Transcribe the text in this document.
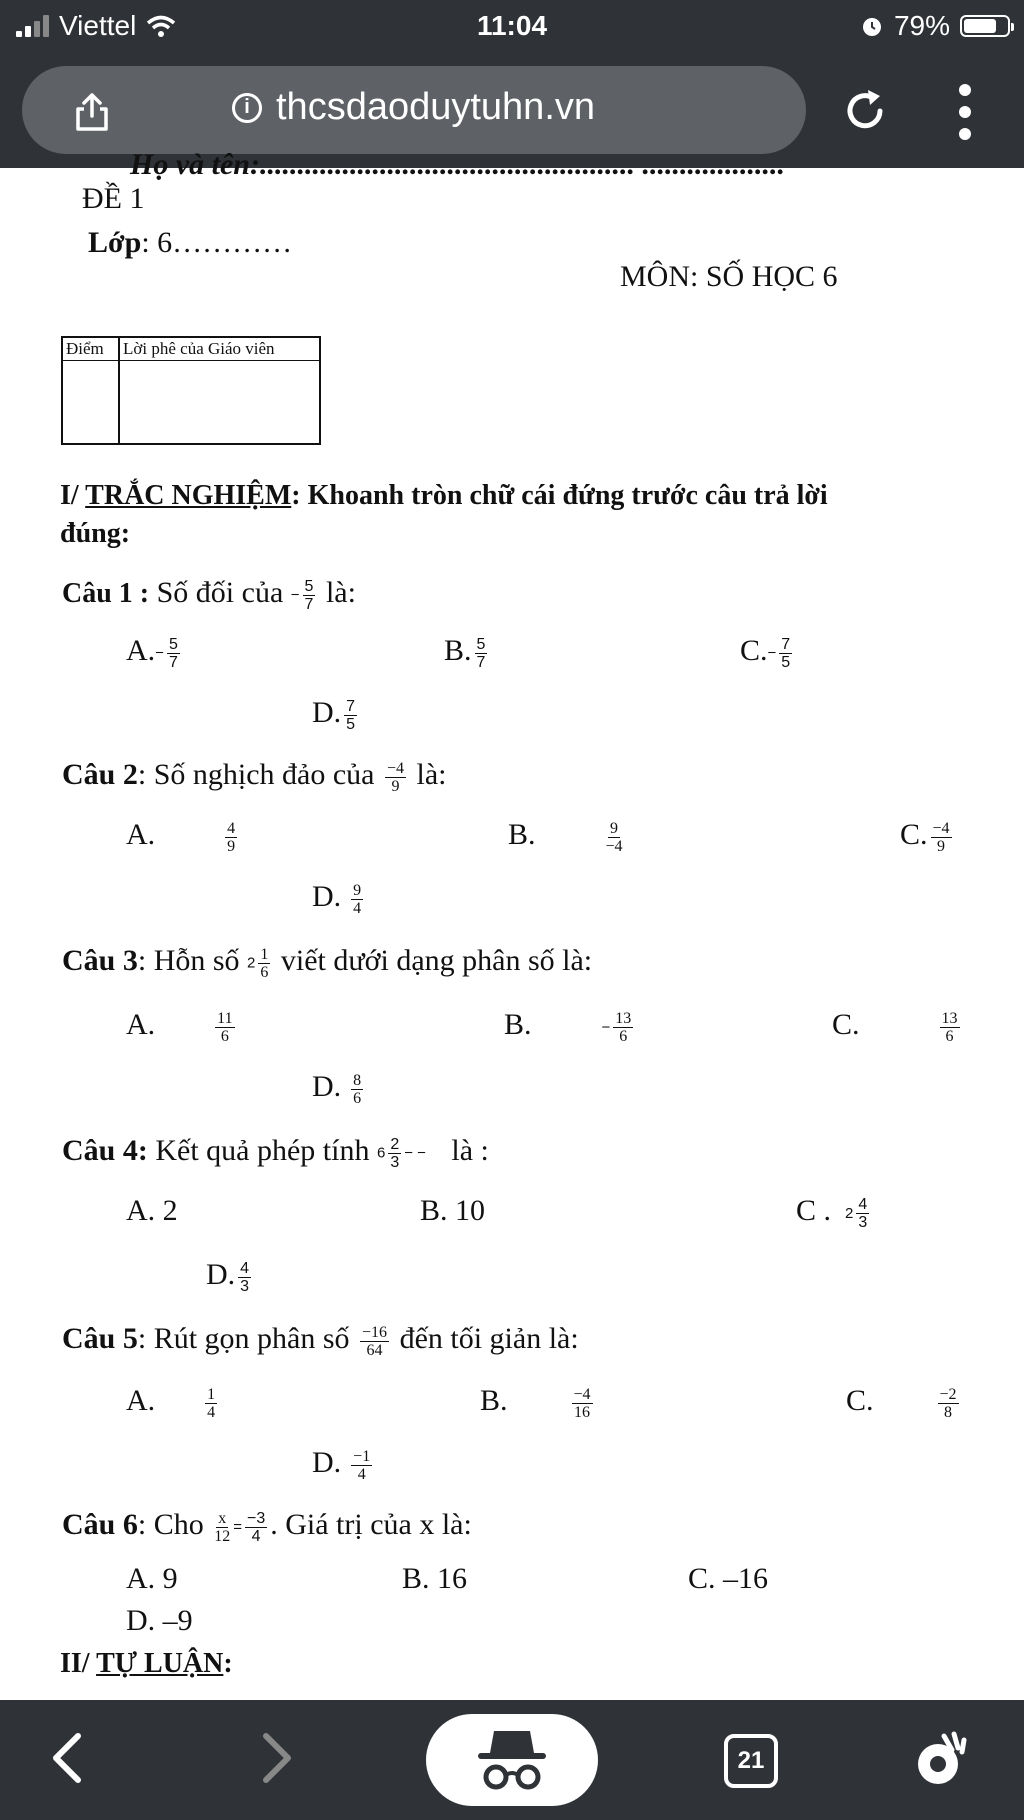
Viettel	11:04	79%
i thcsdaoduytuhn.vn
Họ và tên:.................................................. ...................
ĐỀ 1
Lớp: 6…………
MÔN: SỐ HỌC 6
Điểm Lời phê của Giáo viên
I/ TRẮC NGHIỆM: Khoanh tròn chữ cái đứng trước câu trả lời
đúng:
Câu 1 : Số đối của − $\frac{5}{7}$ là:
$A.- \frac{5}{7}$	B. $\frac{5}{7}$	$C.- \frac{7}{5}$
D. $\frac{7}{5}$
Câu 2: Số nghịch đảo của $\frac{-4}{9}$ là:
A.	$\frac{4}{9}$	B.	$\frac{9}{-4}$	C. $\frac{-4}{9}$
D. $\frac{9}{4}$
Câu 3: Hỗn số $2 \frac{1}{6}$ viết dưới dạng phân số là:
A.	$\frac{11}{6}$	B.	− $\frac{13}{6}$	C.	$\frac{13}{6}$
D. $\frac{8}{6}$
Câu 4: Kết quả phép tính $6 \frac{2}{3}$ − − là :
A. 2	B. 10	C . $2 \frac{4}{3}$
D. $\frac{4}{3}$
Câu 5: Rút gọn phân số $\frac{-16}{64}$ đến tối giản là:
A.	$\frac{1}{4}$	B.	$\frac{-4}{16}$	C.	$\frac{-2}{8}$
D. $\frac{-1}{4}$
Câu 6: Cho $\frac{x}{12} = \frac{-3}{4}$ . Giá trị của x là:
A. 9	B. 16	C. –16
D. –9
II/ TỰ LUẬN:
21
